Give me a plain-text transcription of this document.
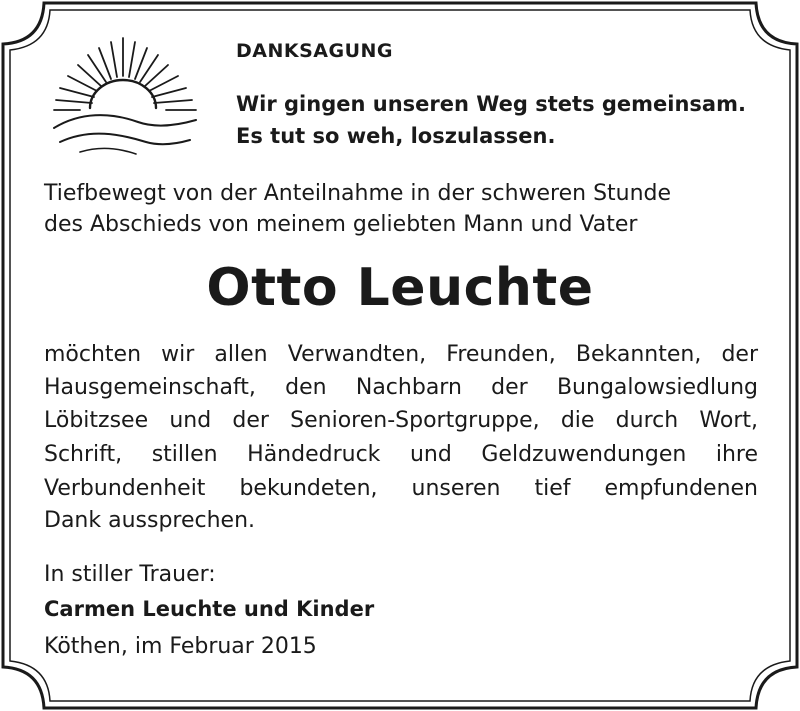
DANKSAGUNG
Wir gingen unseren Weg stets gemeinsam.
Es tut so weh, loszulassen.
Tiefbewegt von der Anteilnahme in der schweren Stunde
des Abschieds von meinem geliebten Mann und Vater
Otto Leuchte
möchten wir allen Verwandten, Freunden, Bekannten, der
Hausgemeinschaft, den Nachbarn der Bungalowsiedlung
Löbitzsee und der Senioren-Sportgruppe, die durch Wort,
Schrift, stillen Händedruck und Geldzuwendungen ihre
Verbundenheit bekundeten, unseren tief empfundenen
Dank aussprechen.
In stiller Trauer:
Carmen Leuchte und Kinder
Köthen, im Februar 2015
